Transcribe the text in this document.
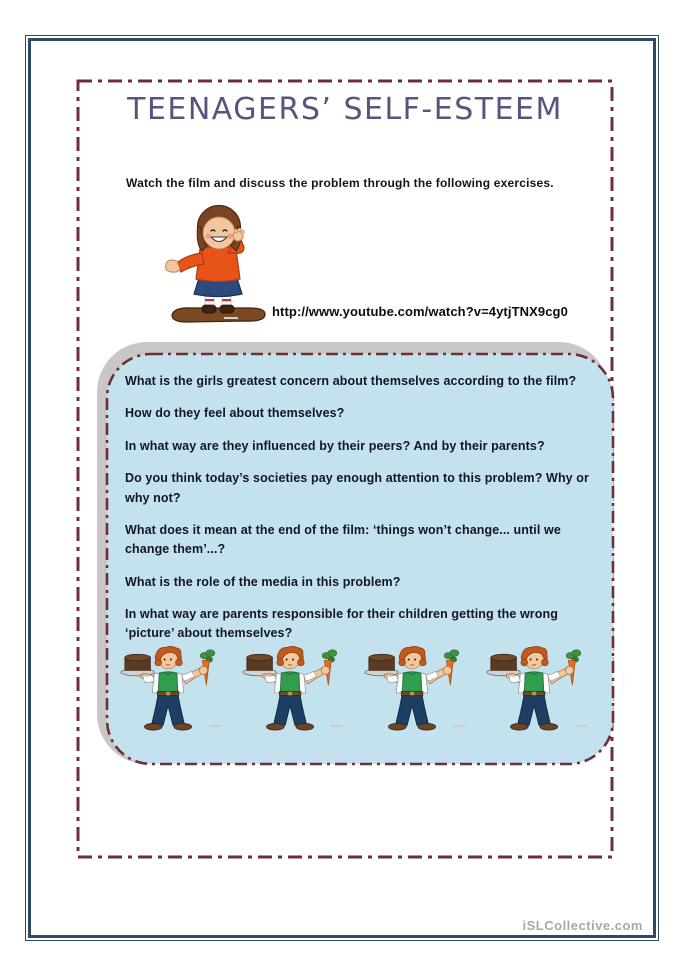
TEENAGERS’ SELF-ESTEEM
Watch the film and discuss the problem through the following exercises.
http://www.youtube.com/watch?v=4ytjTNX9cg0

What is the girls greatest concern about themselves according to the film?

How do they feel about themselves?

In what way are they influenced by their peers? And by their parents?

Do you think today’s societies pay enough attention to this problem? Why or why not?

What does it mean at the end of the film: ‘things won’t change... until we change them’...?

What is the role of the media in this problem?

In what way are parents responsible for their children getting the wrong ‘picture’ about themselves?

iSLCollective.com
